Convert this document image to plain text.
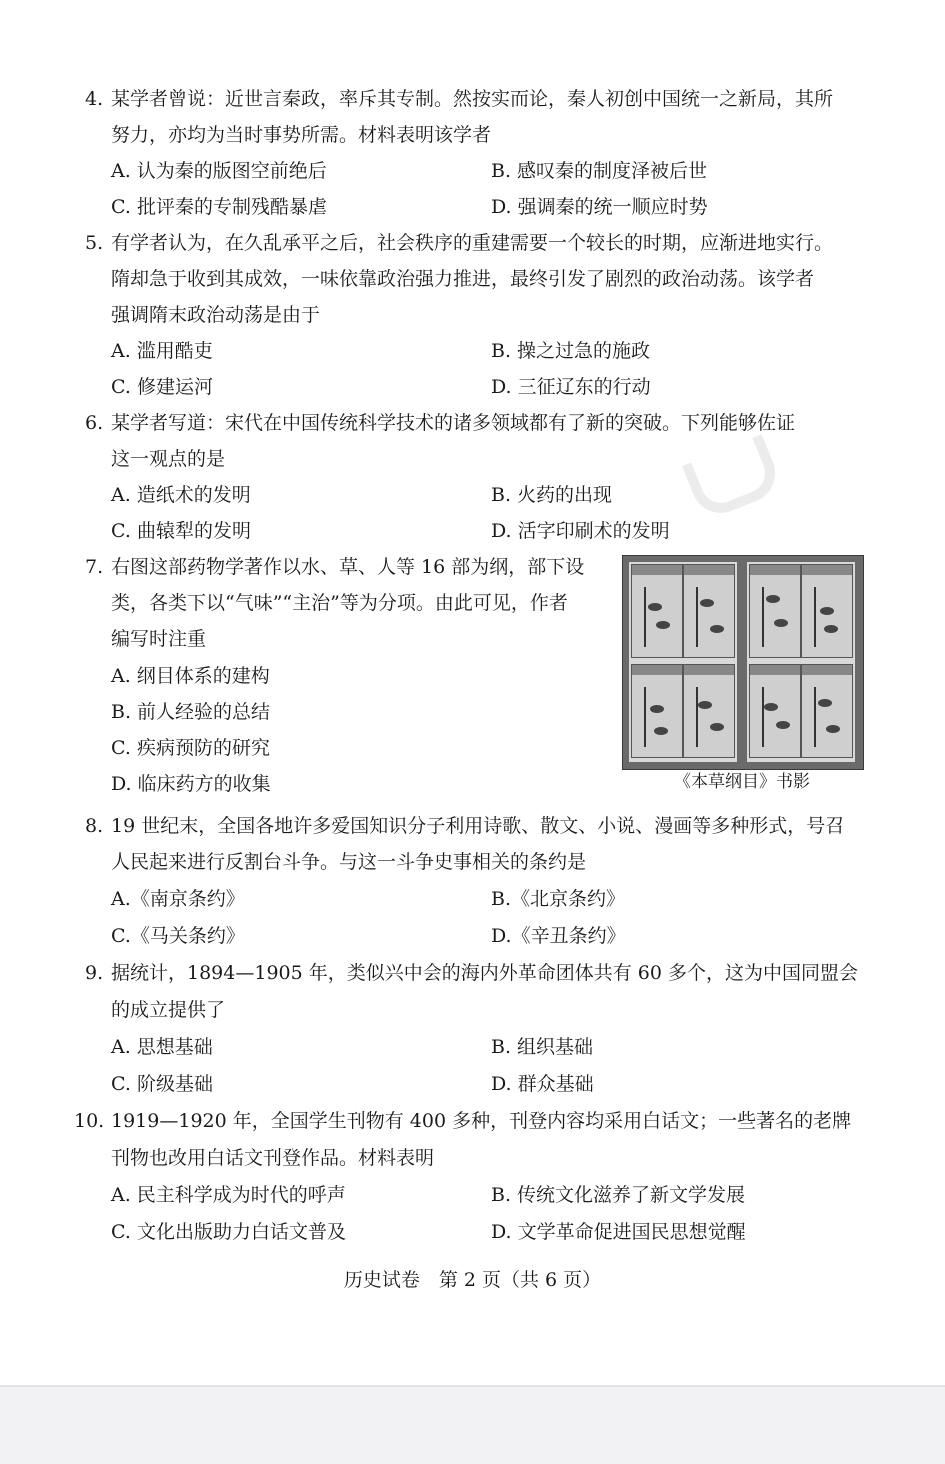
4. 某学者曾说：近世言秦政，率斥其专制。然按实而论，秦人初创中国统一之新局，其所
努力，亦均为当时事势所需。材料表明该学者
A. 认为秦的版图空前绝后	B. 感叹秦的制度泽被后世
C. 批评秦的专制残酷暴虐	D. 强调秦的统一顺应时势
5. 有学者认为，在久乱承平之后，社会秩序的重建需要一个较长的时期，应渐进地实行。
隋却急于收到其成效，一味依靠政治强力推进，最终引发了剧烈的政治动荡。该学者
强调隋末政治动荡是由于
A. 滥用酷吏	B. 操之过急的施政
C. 修建运河	D. 三征辽东的行动
6. 某学者写道：宋代在中国传统科学技术的诸多领域都有了新的突破。下列能够佐证
这一观点的是
A. 造纸术的发明	B. 火药的出现
C. 曲辕犁的发明	D. 活字印刷术的发明
7. 右图这部药物学著作以水、草、人等 16 部为纲，部下设
类，各类下以“气味”“主治”等为分项。由此可见，作者
编写时注重
A. 纲目体系的建构
B. 前人经验的总结
C. 疾病预防的研究
D. 临床药方的收集	《本草纲目》书影
8. 19 世纪末，全国各地许多爱国知识分子利用诗歌、散文、小说、漫画等多种形式，号召
人民起来进行反割台斗争。与这一斗争史事相关的条约是
A.《南京条约》	B.《北京条约》
C.《马关条约》	D.《辛丑条约》
9. 据统计，1894—1905 年，类似兴中会的海内外革命团体共有 60 多个，这为中国同盟会
的成立提供了
A. 思想基础	B. 组织基础
C. 阶级基础	D. 群众基础
10. 1919—1920 年，全国学生刊物有 400 多种，刊登内容均采用白话文；一些著名的老牌
刊物也改用白话文刊登作品。材料表明
A. 民主科学成为时代的呼声	B. 传统文化滋养了新文学发展
C. 文化出版助力白话文普及	D. 文学革命促进国民思想觉醒
历史试卷　第 2 页（共 6 页）
